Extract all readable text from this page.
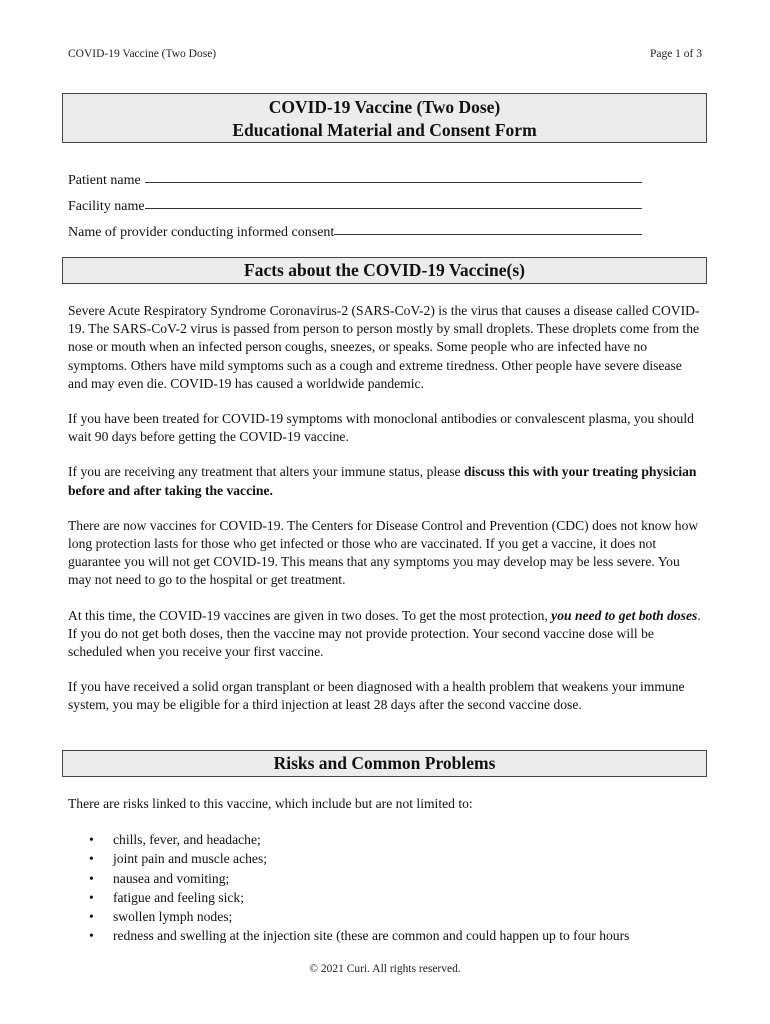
COVID-19 Vaccine (Two Dose)	Page 1 of 3
COVID-19 Vaccine (Two Dose)
Educational Material and Consent Form
Patient name
Facility name
Name of provider conducting informed consent
Facts about the COVID-19 Vaccine(s)

Severe Acute Respiratory Syndrome Coronavirus-2 (SARS-CoV-2) is the virus that causes a disease called COVID-19. The SARS-CoV-2 virus is passed from person to person mostly by small droplets. These droplets come from the nose or mouth when an infected person coughs, sneezes, or speaks. Some people who are infected have no symptoms. Others have mild symptoms such as a cough and extreme tiredness. Other people have severe disease and may even die. COVID-19 has caused a worldwide pandemic.

If you have been treated for COVID-19 symptoms with monoclonal antibodies or convalescent plasma, you should wait 90 days before getting the COVID-19 vaccine.

If you are receiving any treatment that alters your immune status, please discuss this with your treating physician before and after taking the vaccine.

There are now vaccines for COVID-19. The Centers for Disease Control and Prevention (CDC) does not know how long protection lasts for those who get infected or those who are vaccinated. If you get a vaccine, it does not guarantee you will not get COVID-19. This means that any symptoms you may develop may be less severe. You may not need to go to the hospital or get treatment.

At this time, the COVID-19 vaccines are given in two doses. To get the most protection, you need to get both doses. If you do not get both doses, then the vaccine may not provide protection. Your second vaccine dose will be scheduled when you receive your first vaccine.

If you have received a solid organ transplant or been diagnosed with a health problem that weakens your immune system, you may be eligible for a third injection at least 28 days after the second vaccine dose.

Risks and Common Problems
There are risks linked to this vaccine, which include but are not limited to:
• chills, fever, and headache;
• joint pain and muscle aches;
• nausea and vomiting;
• fatigue and feeling sick;
• swollen lymph nodes;
• redness and swelling at the injection site (these are common and could happen up to four hours
© 2021 Curi. All rights reserved.
